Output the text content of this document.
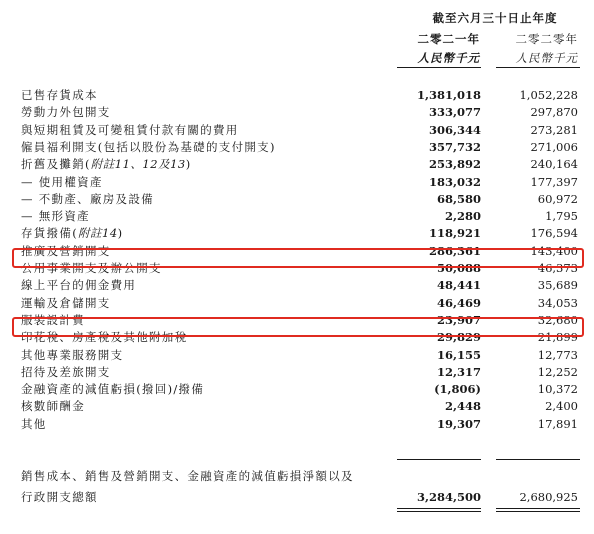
截至六月三十日止年度
二零二一年	二零二零年
人民幣千元	人民幣千元
已售存貨成本	1,381,018	1,052,228
勞動力外包開支	333,077	297,870
與短期租賃及可變租賃付款有關的費用	306,344	273,281
僱員福利開支(包括以股份為基礎的支付開支)	357,732	271,006
折舊及攤銷(附註11、12及13)	253,892	240,164
— 使用權資產	183,032	177,397
— 不動產、廠房及設備	68,580	60,972
— 無形資產	2,280	1,795
存貨撥備(附註14)	118,921	176,594
推廣及營銷開支	286,361	143,400
公用事業開支及辦公開支	50,088	46,373
線上平台的佣金費用	48,441	35,689
運輸及倉儲開支	46,469	34,053
服裝設計費	23,907	32,680
印花稅、房產稅及其他附加稅	29,829	21,899
其他專業服務開支	16,155	12,773
招待及差旅開支	12,317	12,252
金融資產的減值虧損(撥回)/撥備	(1,806)	10,372
核數師酬金	2,448	2,400
其他	19,307	17,891
銷售成本、銷售及營銷開支、金融資產的減值虧損淨額以及
行政開支總額	3,284,500	2,680,925
